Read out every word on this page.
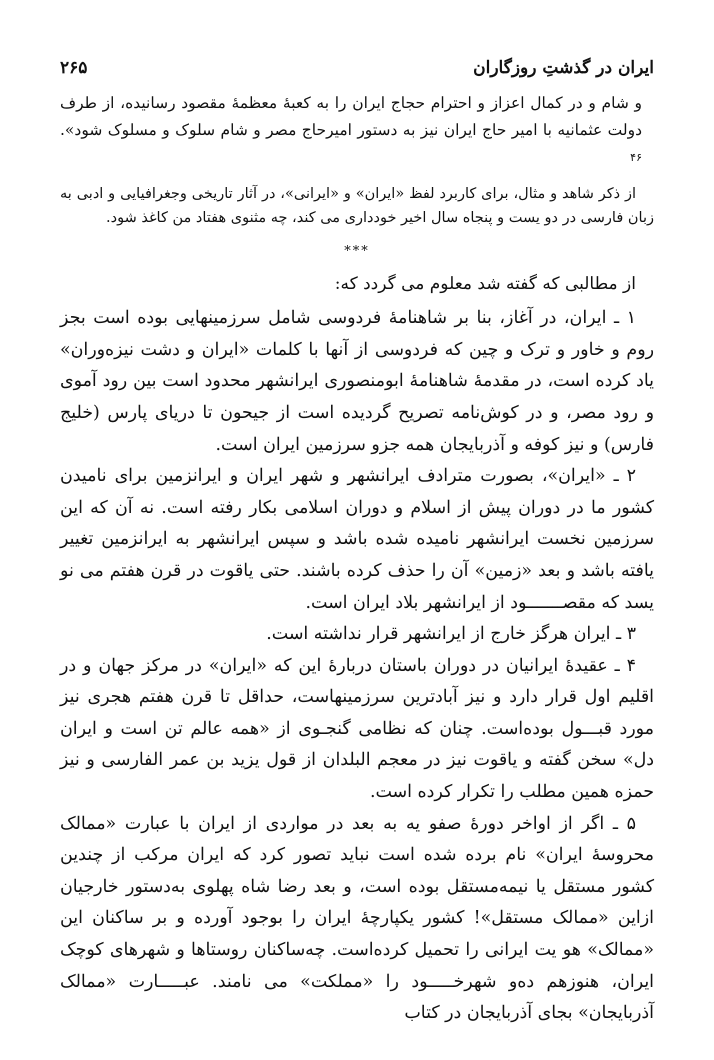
۲۶۵	ایران در گذشتِ روزگاران

و شام و در کمال اعزاز و احترام حجاج ایران را به کعبهٔ معظمهٔ مقصود رسانیده، از طرف دولت عثمانیه با امیر حاج ایران نیز به دستور امیرحاج مصر و شام سلوک و مسلوک شود». $^{۴۶}$

از ذکر شاهد و مثال، برای کاربرد لفظ «ایران» و «ایرانی»، در آثار تاریخی وجغرافیایی و ادبی به زبان فارسی در دو یست و پنجاه سال اخیر خودداری می کند، چه مثنوی هفتاد من کاغذ شود.

***

از مطالبی که گفته شد معلوم می گردد که:

۱ ـ ایران، در آغاز، بنا بر شاهنامهٔ فردوسی شامل سرزمینهایی بوده است بجز روم و خاور و ترک و چین که فردوسی از آنها با کلمات «ایران و دشت نیزه‌وران» یاد کرده است، در مقدمهٔ شاهنامهٔ ابومنصوری ایرانشهر محدود است بین رود آموی و رود مصر، و در کوش‌نامه تصریح گردیده است از جیحون تا دریای پارس (خلیج فارس) و نیز کوفه و آذربایجان همه جزو سرزمین ایران است.

۲ ـ «ایران»، بصورت مترادف ایرانشهر و شهر ایران و ایرانزمین برای نامیدن کشور ما در دوران پیش از اسلام و دوران اسلامی بکار رفته است. نه آن که این سرزمین نخست ایرانشهر نامیده شده باشد و سپس ایرانشهر به ایرانزمین تغییر یافته باشد و بعد «زمین» آن را حذف کرده باشند. حتی یاقوت در قرن هفتم می نو یسد که مقصـــــــود از ایرانشهر بلاد ایران است.

۳ ـ ایران هرگز خارج از ایرانشهر قرار نداشته است.

۴ ـ عقیدهٔ ایرانیان در دوران باستان دربارهٔ این که «ایران» در مرکز جهان و در اقلیم اول قرار دارد و نیز آبادترین سرزمینهاست، حداقل تا قرن هفتم هجری نیز مورد قبـــول بوده‌است. چنان که نظامی گنجـوی از «همه عالم تن است و ایران دل» سخن گفته و یاقوت نیز در معجم البلدان از قول یزید بن عمر الفارسی و نیز حمزه همین مطلب را تکرار کرده است.

۵ ـ اگر از اواخر دورهٔ صفو یه به بعد در مواردی از ایران با عبارت «ممالک محروسهٔ ایران» نام برده شده است نباید تصور کرد که ایران مرکب از چندین کشور مستقل یا نیمه‌مستقل بوده است، و بعد رضا شاه پهلوی به‌دستور خارجیان ازاین «ممالک مستقل»! کشور یکپارچهٔ ایران را بوجود آورده و بر ساکنان این «ممالک» هو یت ایرانی را تحمیل کرده‌است. چه‌ساکنان روستاها و شهرهای کوچک ایران، هنوزهم ده‌و شهرخـــــود را «مملکت» می نامند. عبـــــارت «ممالک آذربایجان» بجای آذربایجان در کتاب
